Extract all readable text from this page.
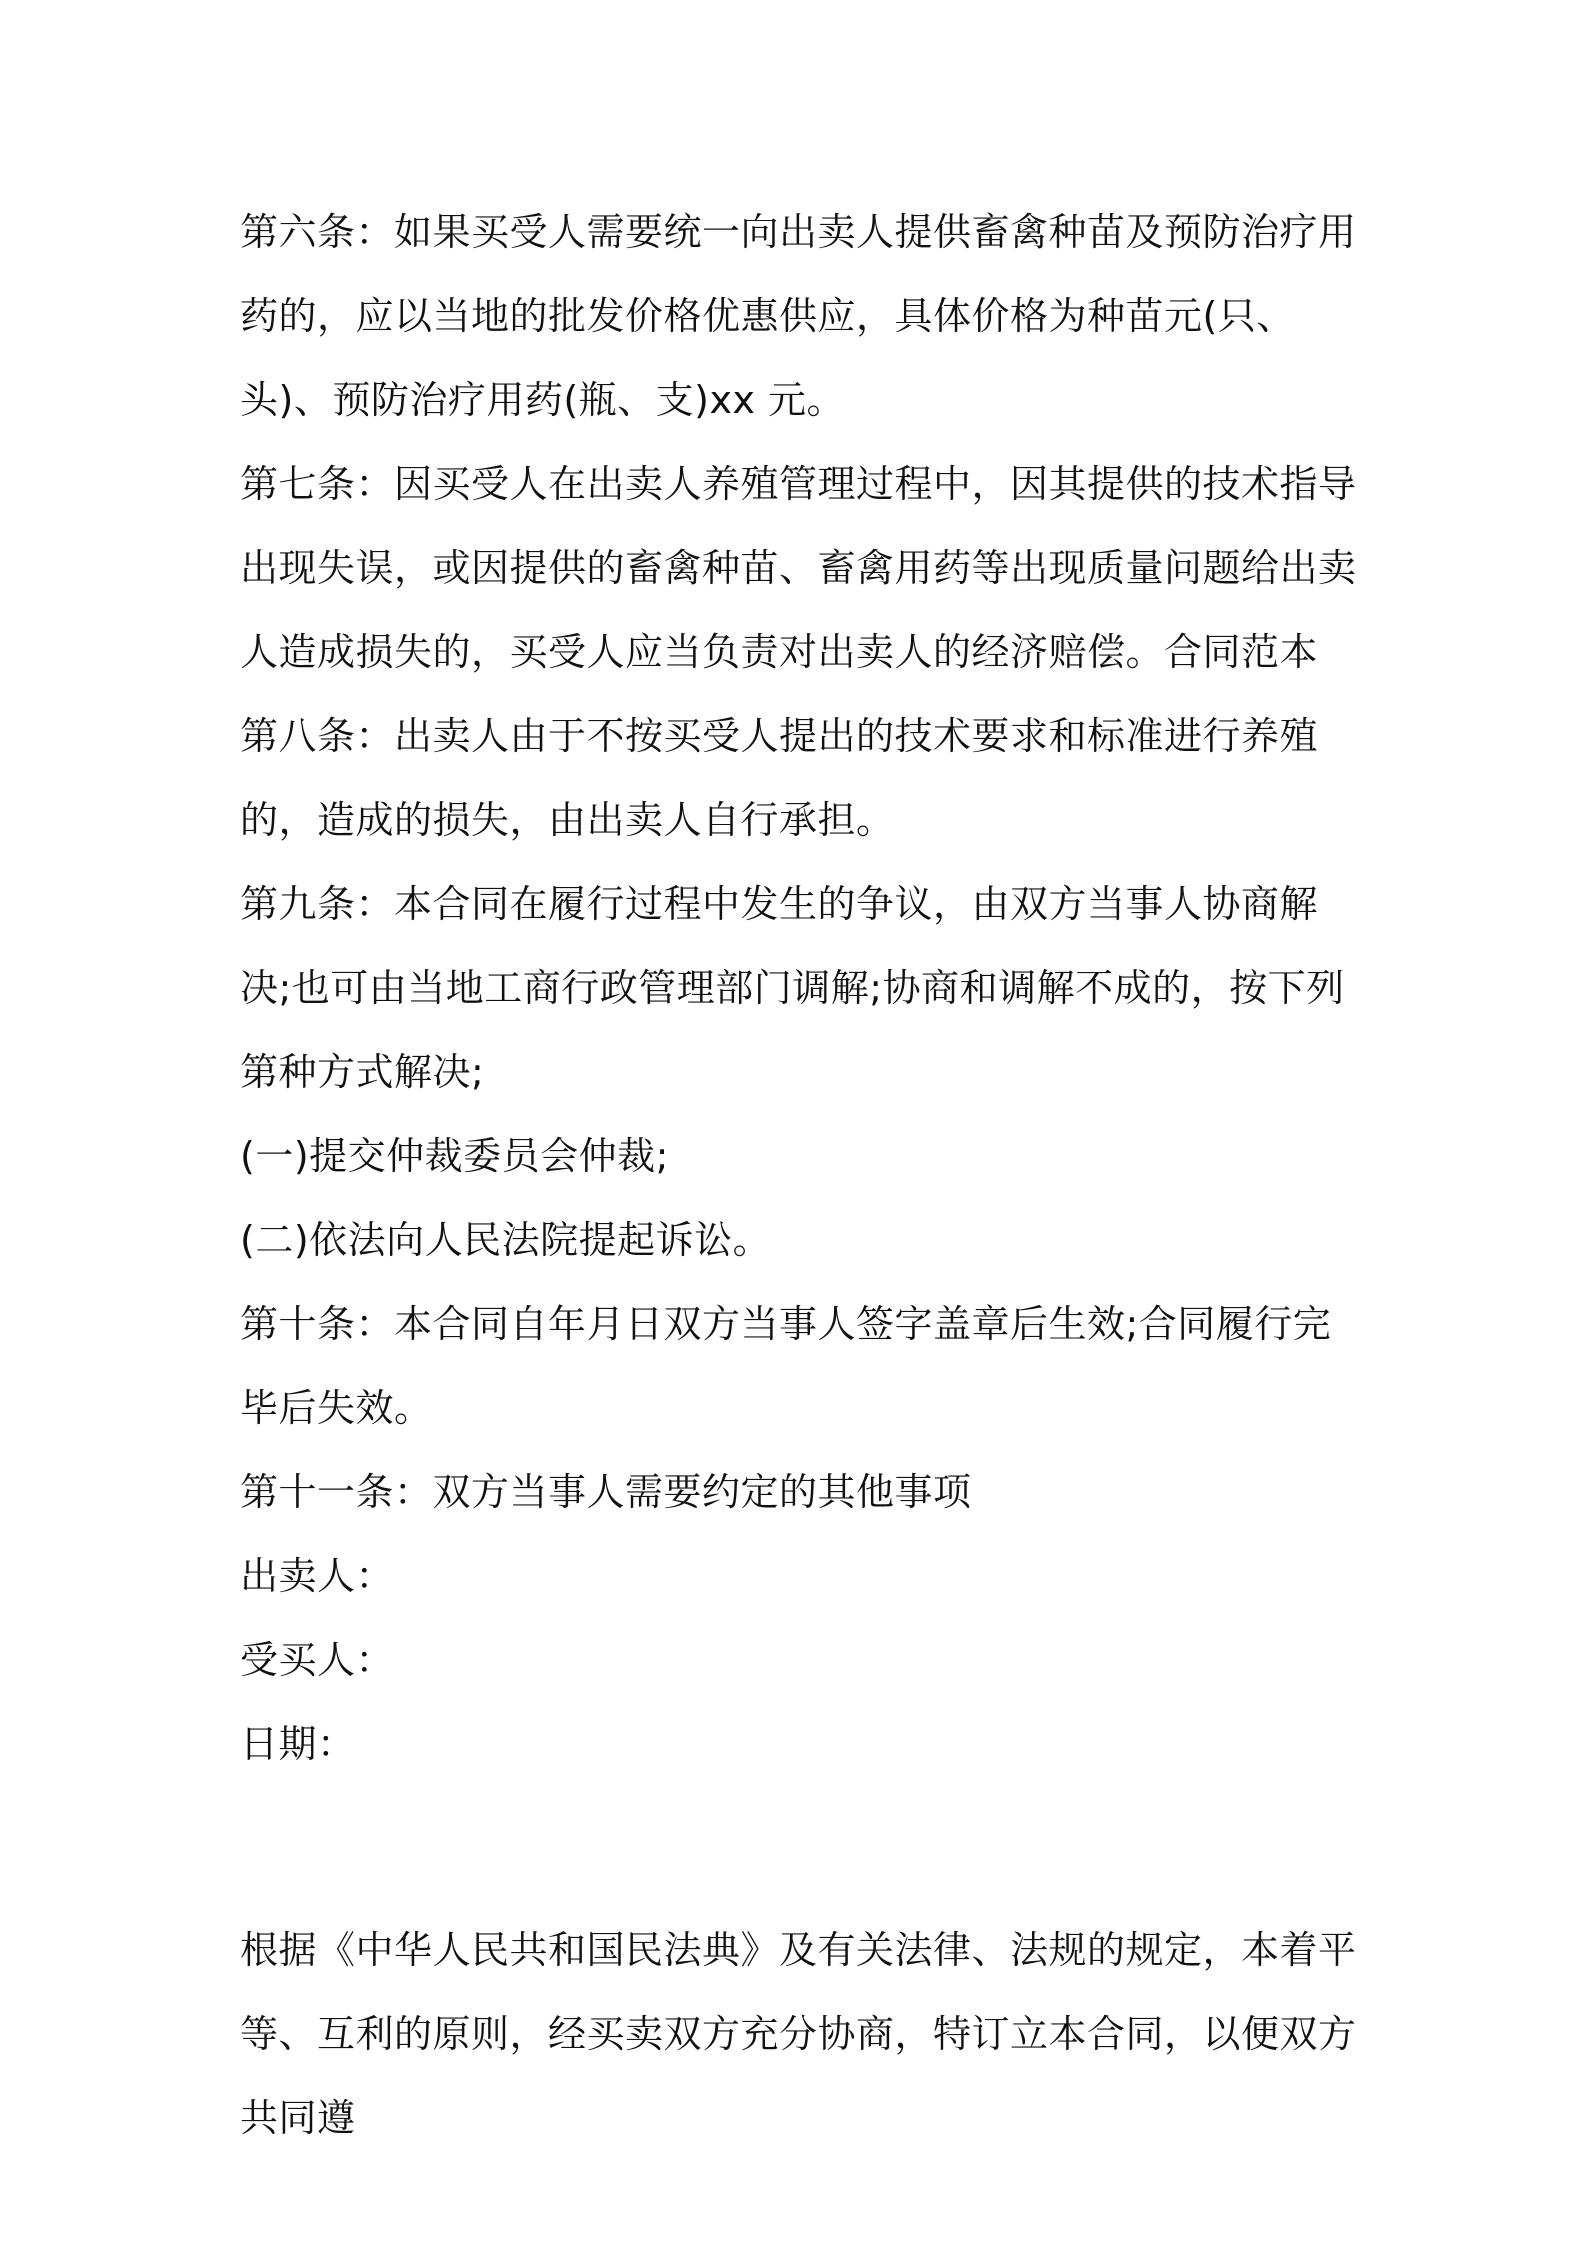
第六条：如果买受人需要统一向出卖人提供畜禽种苗及预防治疗用药的，应以当地的批发价格优惠供应，具体价格为种苗元(只、头)、预防治疗用药(瓶、支)xx 元。

第七条：因买受人在出卖人养殖管理过程中，因其提供的技术指导出现失误，或因提供的畜禽种苗、畜禽用药等出现质量问题给出卖人造成损失的，买受人应当负责对出卖人的经济赔偿。合同范本

第八条：出卖人由于不按买受人提出的技术要求和标准进行养殖的，造成的损失，由出卖人自行承担。

第九条：本合同在履行过程中发生的争议，由双方当事人协商解决;也可由当地工商行政管理部门调解;协商和调解不成的，按下列第种方式解决;

(一)提交仲裁委员会仲裁;

(二)依法向人民法院提起诉讼。

第十条：本合同自年月日双方当事人签字盖章后生效;合同履行完毕后失效。

第十一条：双方当事人需要约定的其他事项

出卖人：

受买人：

日期：

根据《中华人民共和国民法典》及有关法律、法规的规定，本着平等、互利的原则，经买卖双方充分协商，特订立本合同，以便双方共同遵
